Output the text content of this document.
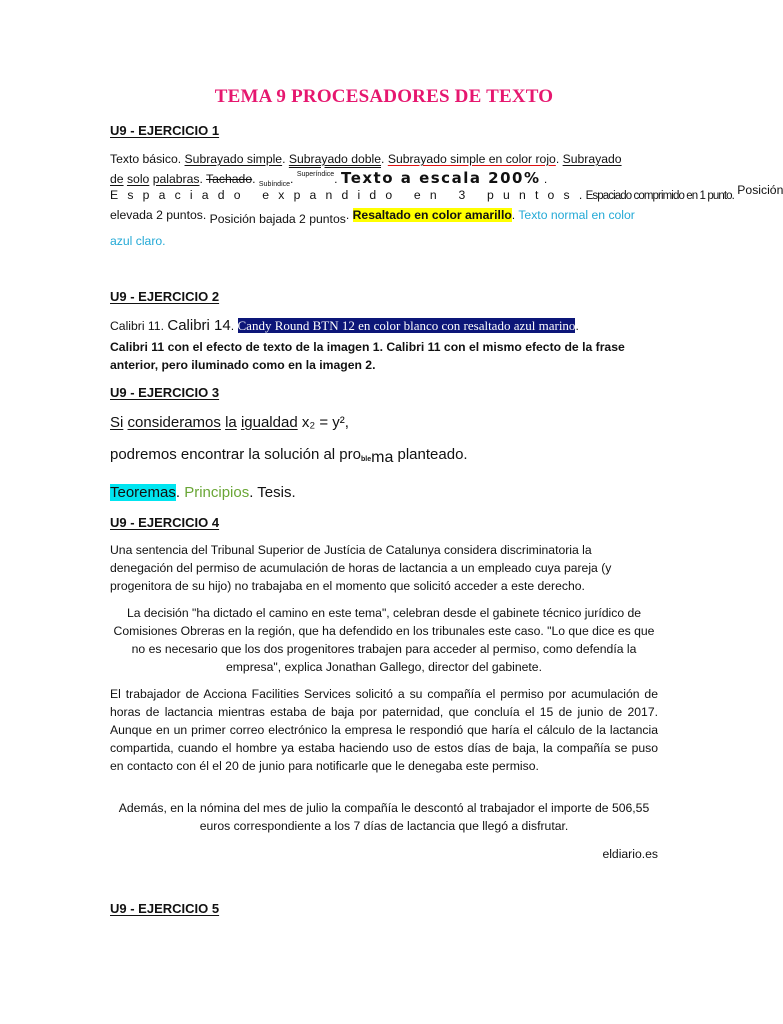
TEMA 9 PROCESADORES DE TEXTO
U9 - EJERCICIO 1
Texto básico. Subrayado simple. Subrayado doble. Subrayado simple en color rojo. Subrayado
de solo palabras. Tachado. $_{Subíndice}$. $^{Superíndice}$. Texto a escala 200% .
Espaciado expandido en 3 puntos. Espaciado comprimido en 1 punto. Posición
elevada 2 puntos. Posición bajada 2 puntos. Resaltado en color amarillo. Texto normal en color
azul claro.
U9 - EJERCICIO 2
Calibri 11. Calibri 14. Candy Round BTN 12 en color blanco con resaltado azul marino.
Calibri 11 con el efecto de texto de la imagen 1. Calibri 11 con el mismo efecto de la frase
anterior, pero iluminado como en la imagen 2.
U9 - EJERCICIO 3
Si consideramos la igualdad x₂ = y²,
podremos encontrar la solución al problema planteado.
Teoremas. Principios. Tesis.
U9 - EJERCICIO 4
Una sentencia del Tribunal Superior de Justícia de Catalunya considera discriminatoria la denegación del permiso de acumulación de horas de lactancia a un empleado cuya pareja (y progenitora de su hijo) no trabajaba en el momento que solicitó acceder a este derecho.
La decisión "ha dictado el camino en este tema", celebran desde el gabinete técnico jurídico de Comisiones Obreras en la región, que ha defendido en los tribunales este caso. "Lo que dice es que no es necesario que los dos progenitores trabajen para acceder al permiso, como defendía la empresa", explica Jonathan Gallego, director del gabinete.
El trabajador de Acciona Facilities Services solicitó a su compañía el permiso por acumulación de horas de lactancia mientras estaba de baja por paternidad, que concluía el 15 de junio de 2017. Aunque en un primer correo electrónico la empresa le respondió que haría el cálculo de la lactancia compartida, cuando el hombre ya estaba haciendo uso de estos días de baja, la compañía se puso en contacto con él el 20 de junio para notificarle que le denegaba este permiso.
Además, en la nómina del mes de julio la compañía le descontó al trabajador el importe de 506,55 euros correspondiente a los 7 días de lactancia que llegó a disfrutar.
eldiario.es
U9 - EJERCICIO 5
